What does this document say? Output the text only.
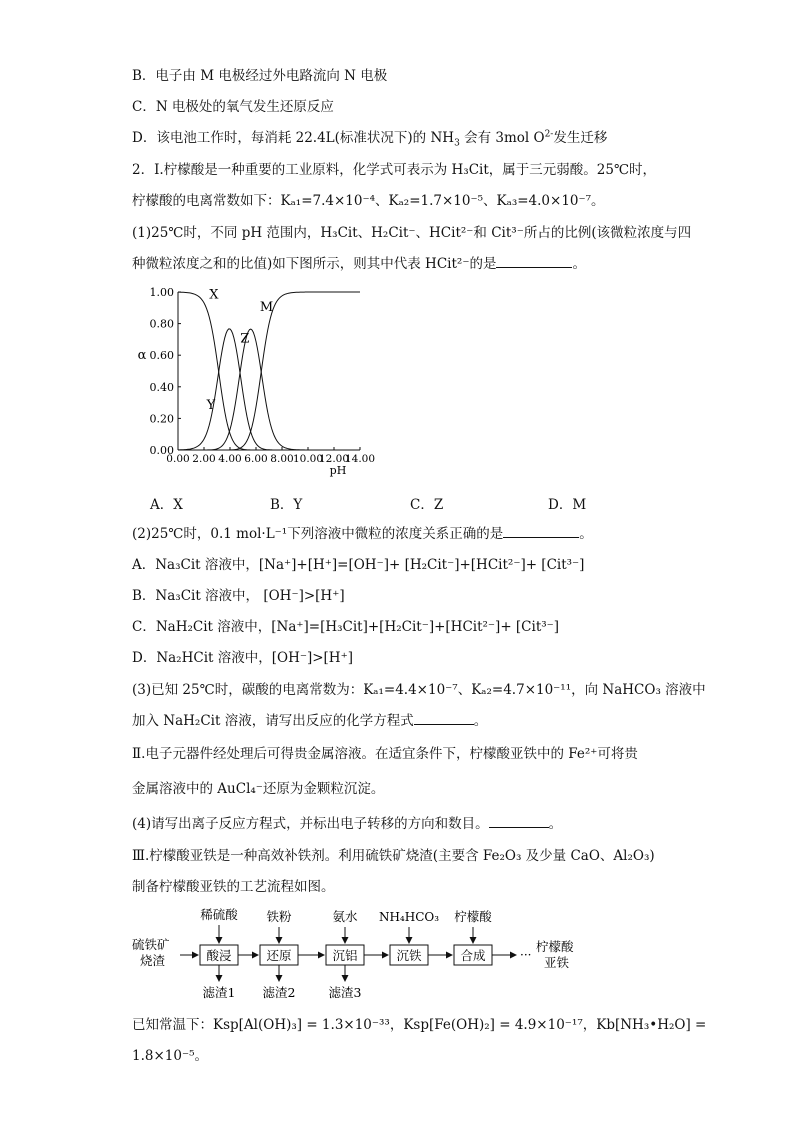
B．电子由 M 电极经过外电路流向 N 电极
C．N 电极处的氧气发生还原反应
D．该电池工作时，每消耗 22.4L(标准状况下)的 $NH_3$ 会有 3mol $O^{2-}$发生迁移
2．Ⅰ.柠檬酸是一种重要的工业原料，化学式可表示为 H₃Cit，属于三元弱酸。25℃时，
柠檬酸的电离常数如下：Kₐ₁=7.4×10⁻⁴、Kₐ₂=1.7×10⁻⁵、Kₐ₃=4.0×10⁻⁷。
(1)25℃时，不同 pH 范围内，H₃Cit、H₂Cit⁻、HCit²⁻和 Cit³⁻所占的比例(该微粒浓度与四
种微粒浓度之和的比值)如下图所示，则其中代表 HCit²⁻的是	。
0.00
0.20
0.40
0.60
0.80
1.00
0.00 2.00 4.00 6.00 8.00 10.00
12.00
14.00
pH
α
X
Y
Z
M
A．X	B．Y	C．Z	D．M
(2)25℃时，0.1 mol·L⁻¹下列溶液中微粒的浓度关系正确的是	。
A．Na₃Cit 溶液中，[Na⁺]+[H⁺]=[OH⁻]+ [H₂Cit⁻]+[HCit²⁻]+ [Cit³⁻]
B．Na₃Cit 溶液中， [OH⁻]>[H⁺]
C．NaH₂Cit 溶液中，[Na⁺]=[H₃Cit]+[H₂Cit⁻]+[HCit²⁻]+ [Cit³⁻]
D．Na₂HCit 溶液中，[OH⁻]>[H⁺]
(3)已知 25℃时，碳酸的电离常数为：Kₐ₁=4.4×10⁻⁷、Kₐ₂=4.7×10⁻¹¹，向 NaHCO₃ 溶液中
加入 NaH₂Cit 溶液，请写出反应的化学方程式	。
Ⅱ.电子元器件经处理后可得贵金属溶液。在适宜条件下，柠檬酸亚铁中的 Fe²⁺可将贵
金属溶液中的 AuCl₄⁻还原为金颗粒沉淀。
(4)请写出离子反应方程式，并标出电子转移的方向和数目。	。
Ⅲ.柠檬酸亚铁是一种高效补铁剂。利用硫铁矿烧渣(主要含 Fe₂O₃ 及少量 CaO、Al₂O₃)
制备柠檬酸亚铁的工艺流程如图。
硫铁矿
烧渣	酸浸	还原	沉铝	沉铁	合成
稀硫酸 铁粉	氨水 NH₄HCO₃ 柠檬酸
滤渣1 滤渣2	滤渣3
···
柠檬酸
亚铁
已知常温下：Ksp[Al(OH)₃] = 1.3×10⁻³³，Ksp[Fe(OH)₂] = 4.9×10⁻¹⁷，Kb[NH₃•H₂O] =
1.8×10⁻⁵。
